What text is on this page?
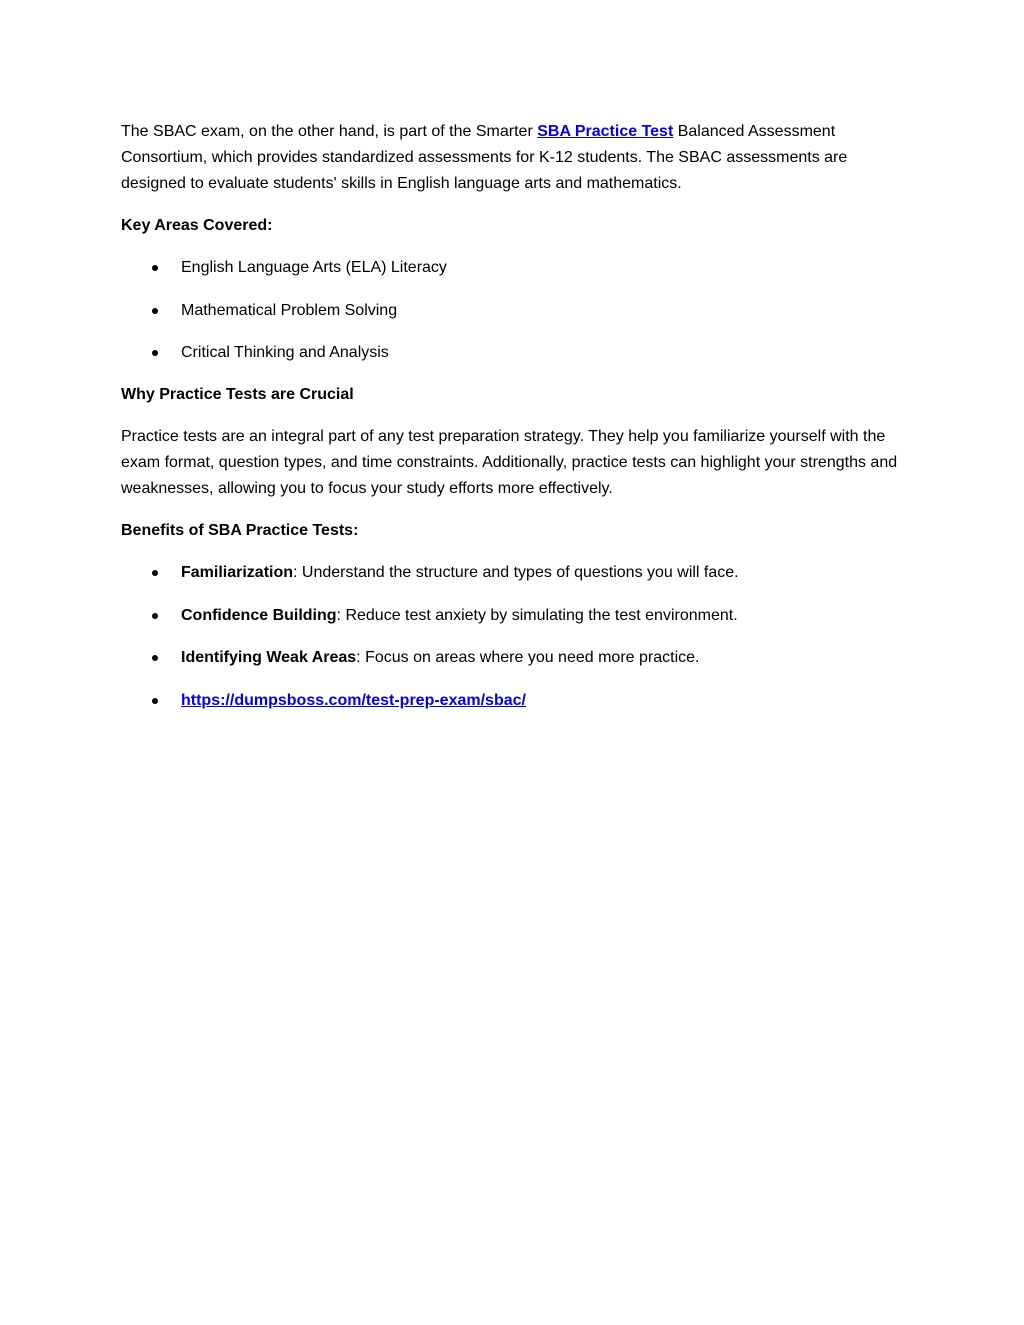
The SBAC exam, on the other hand, is part of the Smarter SBA Practice Test Balanced Assessment Consortium, which provides standardized assessments for K-12 students. The SBAC assessments are designed to evaluate students' skills in English language arts and mathematics.

Key Areas Covered:

English Language Arts (ELA) Literacy
Mathematical Problem Solving
Critical Thinking and Analysis

Why Practice Tests are Crucial

Practice tests are an integral part of any test preparation strategy. They help you familiarize yourself with the exam format, question types, and time constraints. Additionally, practice tests can highlight your strengths and weaknesses, allowing you to focus your study efforts more effectively.

Benefits of SBA Practice Tests:

Familiarization: Understand the structure and types of questions you will face.
Confidence Building: Reduce test anxiety by simulating the test environment.
Identifying Weak Areas: Focus on areas where you need more practice.
https://dumpsboss.com/test-prep-exam/sbac/
